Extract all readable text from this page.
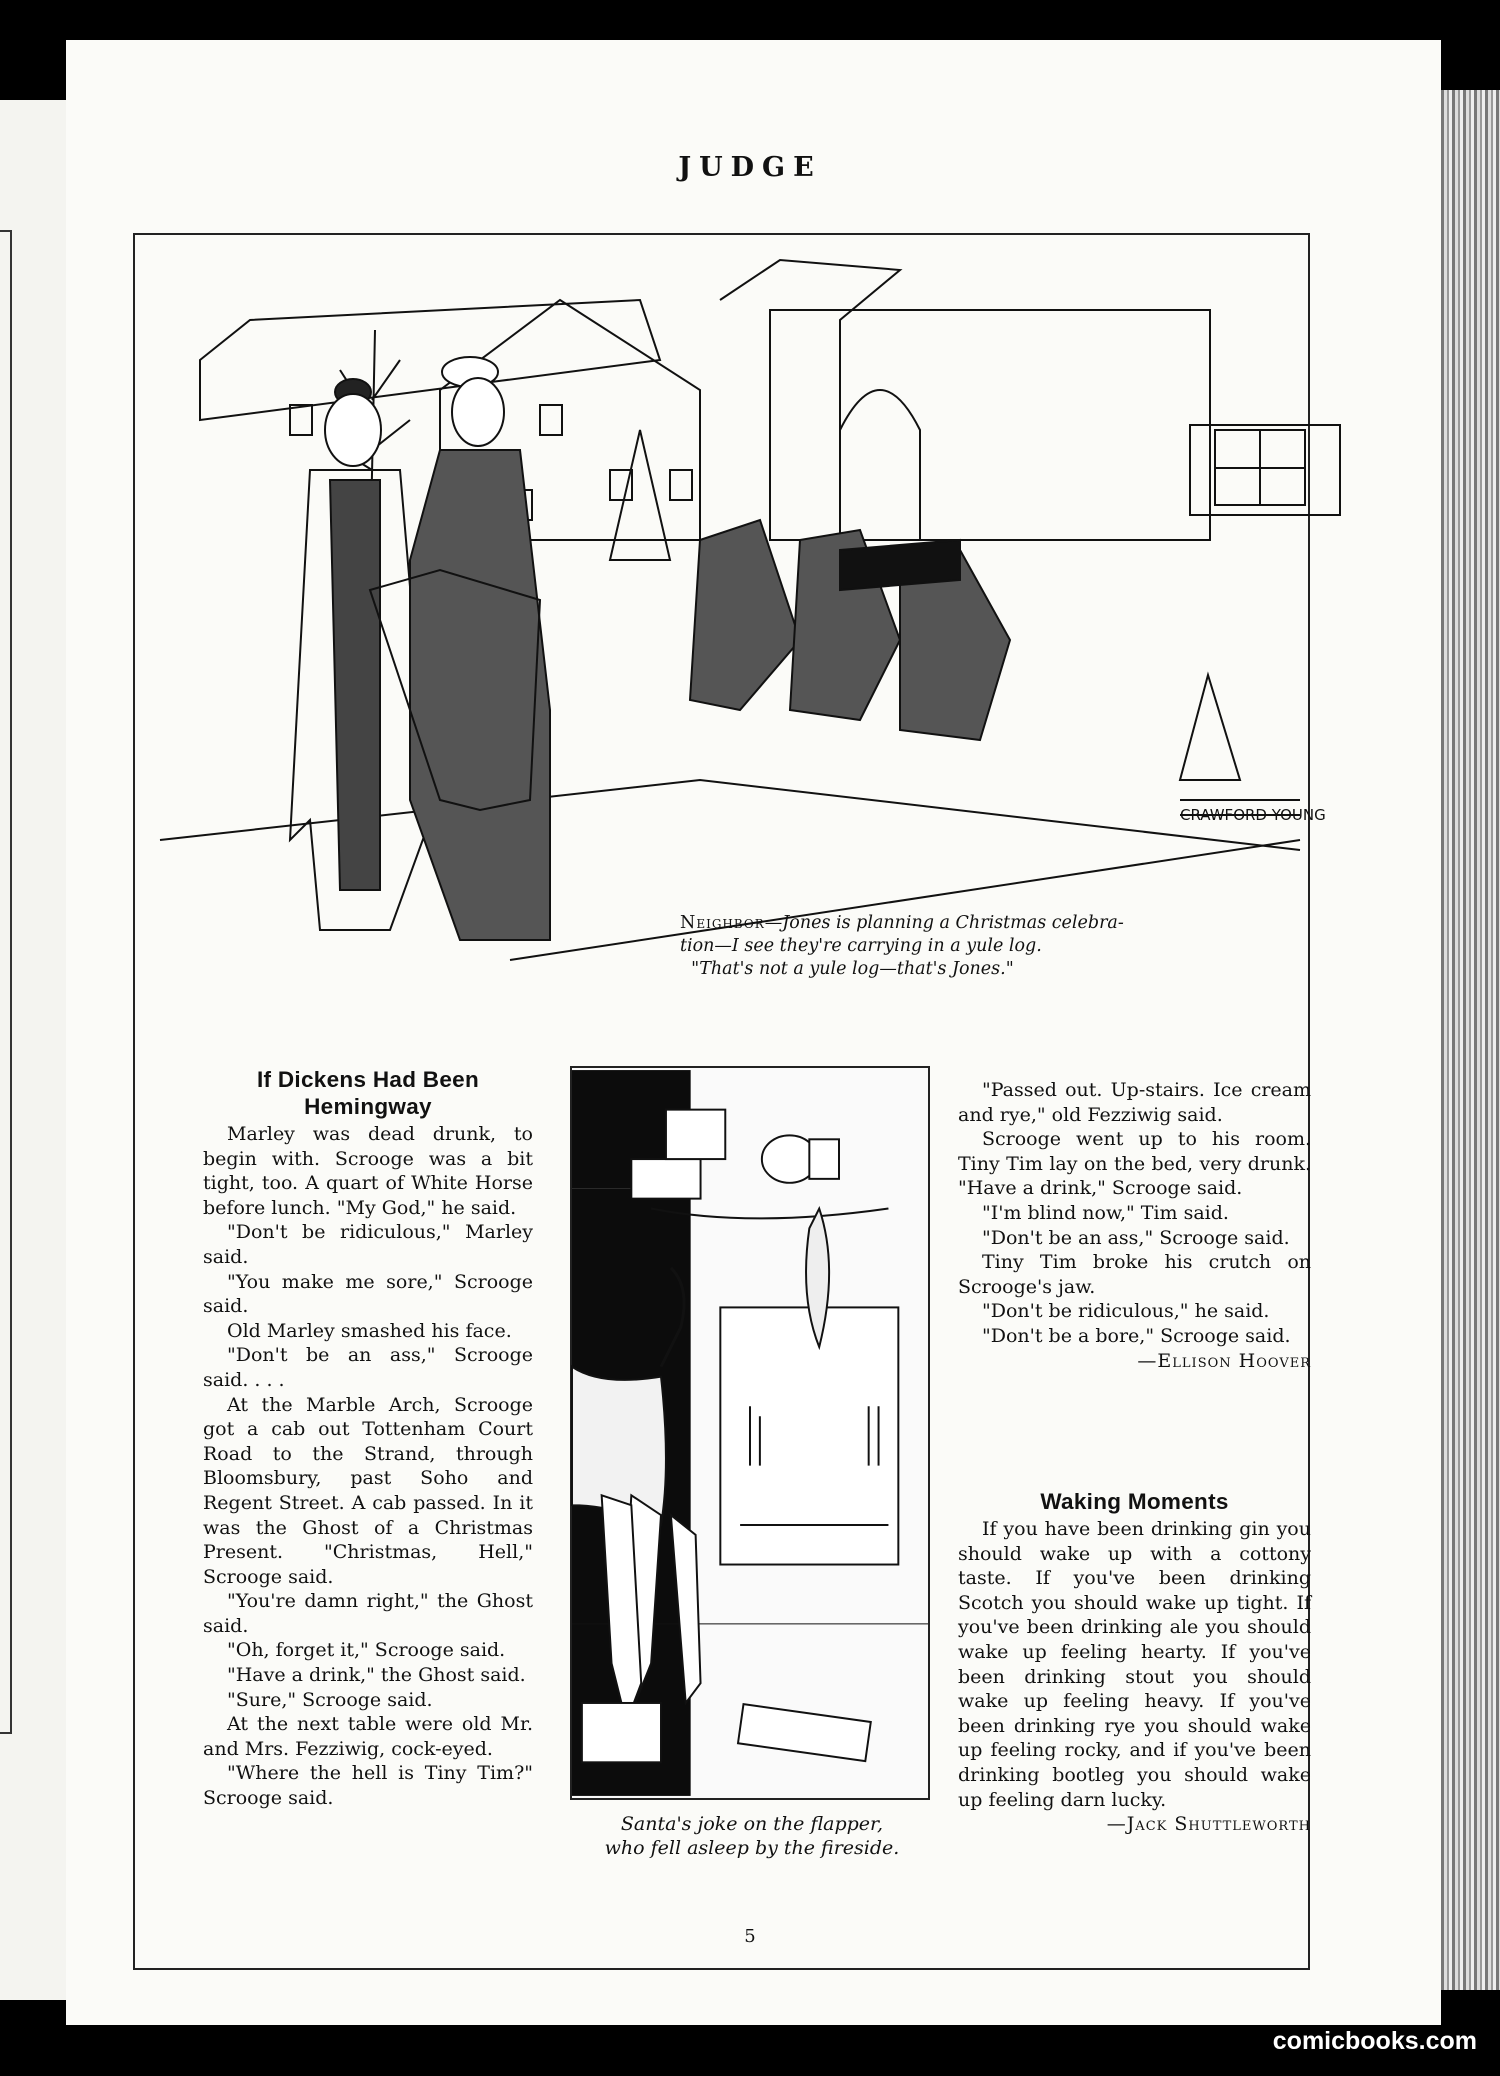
JUDGE
CRAWFORD YOUNG
Neighbor—Jones is planning a Christmas celebra-
tion—I see they're carrying in a yule log.
"That's not a yule log—that's Jones."
If Dickens Had Been Hemingway

Marley was dead drunk, to begin with. Scrooge was a bit tight, too. A quart of White Horse before lunch. "My God," he said.

"Don't be ridiculous," Marley said.

"You make me sore," Scrooge said.

Old Marley smashed his face.

"Don't be an ass," Scrooge said. . . .

At the Marble Arch, Scrooge got a cab out Tottenham Court Road to the Strand, through Bloomsbury, past Soho and Regent Street. A cab passed. In it was the Ghost of a Christmas Present. "Christmas, Hell," Scrooge said.

"You're damn right," the Ghost said.

"Oh, forget it," Scrooge said.

"Have a drink," the Ghost said.

"Sure," Scrooge said.

At the next table were old Mr. and Mrs. Fezziwig, cock-eyed.

"Where the hell is Tiny Tim?" Scrooge said.

Santa's joke on the flapper,
who fell asleep by the fireside.

"Passed out. Up-stairs. Ice cream and rye," old Fezziwig said.

Scrooge went up to his room. Tiny Tim lay on the bed, very drunk. "Have a drink," Scrooge said.

"I'm blind now," Tim said.

"Don't be an ass," Scrooge said.

Tiny Tim broke his crutch on Scrooge's jaw.

"Don't be ridiculous," he said.

"Don't be a bore," Scrooge said.

—Ellison Hoover
Waking Moments

If you have been drinking gin you should wake up with a cottony taste. If you've been drinking Scotch you should wake up tight. If you've been drinking ale you should wake up feeling hearty. If you've been drinking stout you should wake up feeling heavy. If you've been drinking rye you should wake up feeling rocky, and if you've been drinking bootleg you should wake up feeling darn lucky.

—Jack Shuttleworth
5
comicbooks.com
